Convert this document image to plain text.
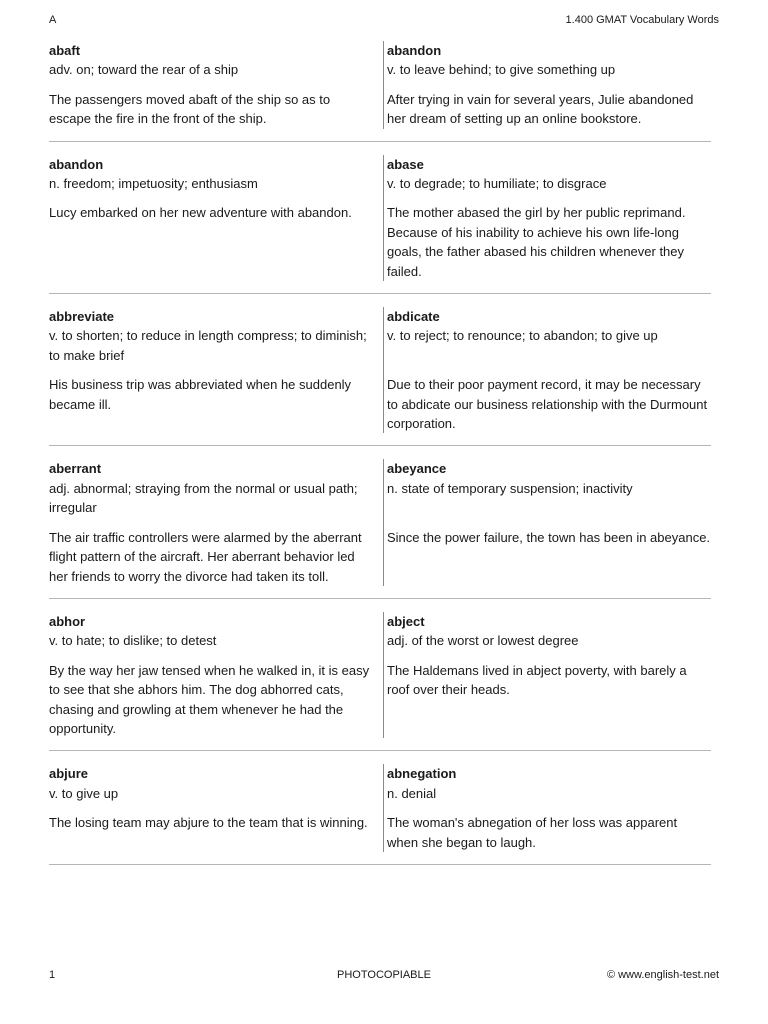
A	1.400 GMAT Vocabulary Words
abaft
adv. on; toward the rear of a ship
The passengers moved abaft of the ship so as to escape the fire in the front of the ship.
abandon
v. to leave behind; to give something up
After trying in vain for several years, Julie abandoned her dream of setting up an online bookstore.
abandon
n. freedom; impetuosity; enthusiasm
Lucy embarked on her new adventure with abandon.
abase
v. to degrade; to humiliate; to disgrace
The mother abased the girl by her public reprimand. Because of his inability to achieve his own life-long goals, the father abased his children whenever they failed.
abbreviate
v. to shorten; to reduce in length compress; to diminish; to make brief
His business trip was abbreviated when he suddenly became ill.
abdicate
v. to reject; to renounce; to abandon; to give up
Due to their poor payment record, it may be necessary to abdicate our business relationship with the Durmount corporation.
aberrant
adj. abnormal; straying from the normal or usual path; irregular
The air traffic controllers were alarmed by the aberrant flight pattern of the aircraft. Her aberrant behavior led her friends to worry the divorce had taken its toll.
abeyance
n. state of temporary suspension; inactivity
Since the power failure, the town has been in abeyance.
abhor
v. to hate; to dislike; to detest
By the way her jaw tensed when he walked in, it is easy to see that she abhors him. The dog abhorred cats, chasing and growling at them whenever he had the opportunity.
abject
adj. of the worst or lowest degree
The Haldemans lived in abject poverty, with barely a roof over their heads.
abjure
v. to give up
The losing team may abjure to the team that is winning.
abnegation
n. denial
The woman's abnegation of her loss was apparent when she began to laugh.
1	PHOTOCOPIABLE	© www.english-test.net
